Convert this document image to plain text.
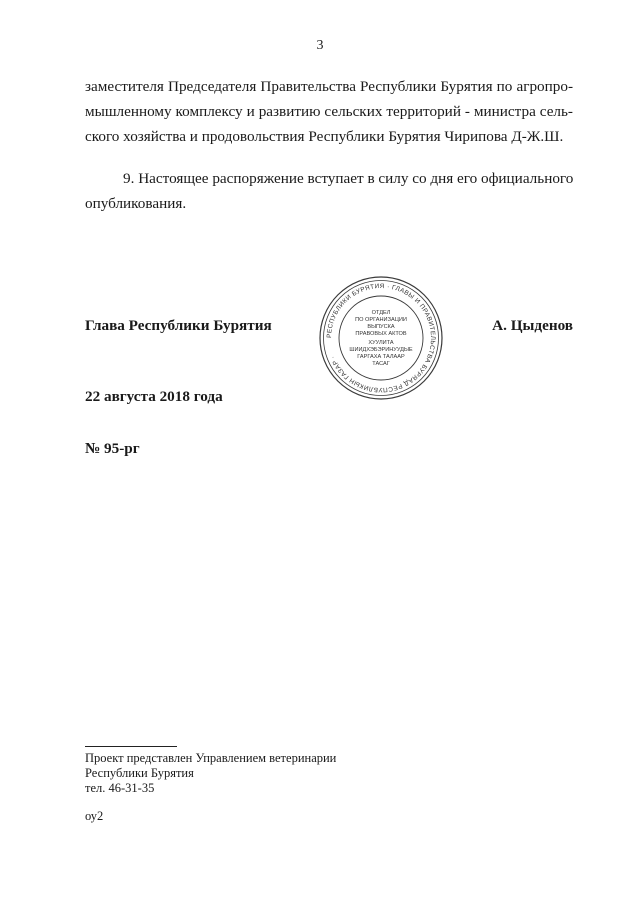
3
заместителя Председателя Правительства Республики Бурятия по агропро-
мышленному комплексу и развитию сельских территорий - министра сель-
ского хозяйства и продовольствия Республики Бурятия Чирипова Д-Ж.Ш.
9. Настоящее распоряжение вступает в силу со дня его официального
опубликования.
РЕСПУБЛИКИ БУРЯТИЯ · ГЛАВЫ И ПРАВИТЕЛЬСТВА БУРЯАД РЕСПУБЛИКЫН ГАЗАР ·
ОТДЕЛ
ПО ОРГАНИЗАЦИИ
ВЫПУСКА
ПРАВОВЫХ АКТОВ
ХУУЛИТА
ШИИДХЭБЭРИНУУДЫЕ
ГАРГАХА ТАЛААР
ТАСАГ
Глава Республики Бурятия	А. Цыденов
22 августа 2018 года
№ 95-рг
Проект представлен Управлением ветеринарии
Республики Бурятия
тел. 46-31-35
оу2
